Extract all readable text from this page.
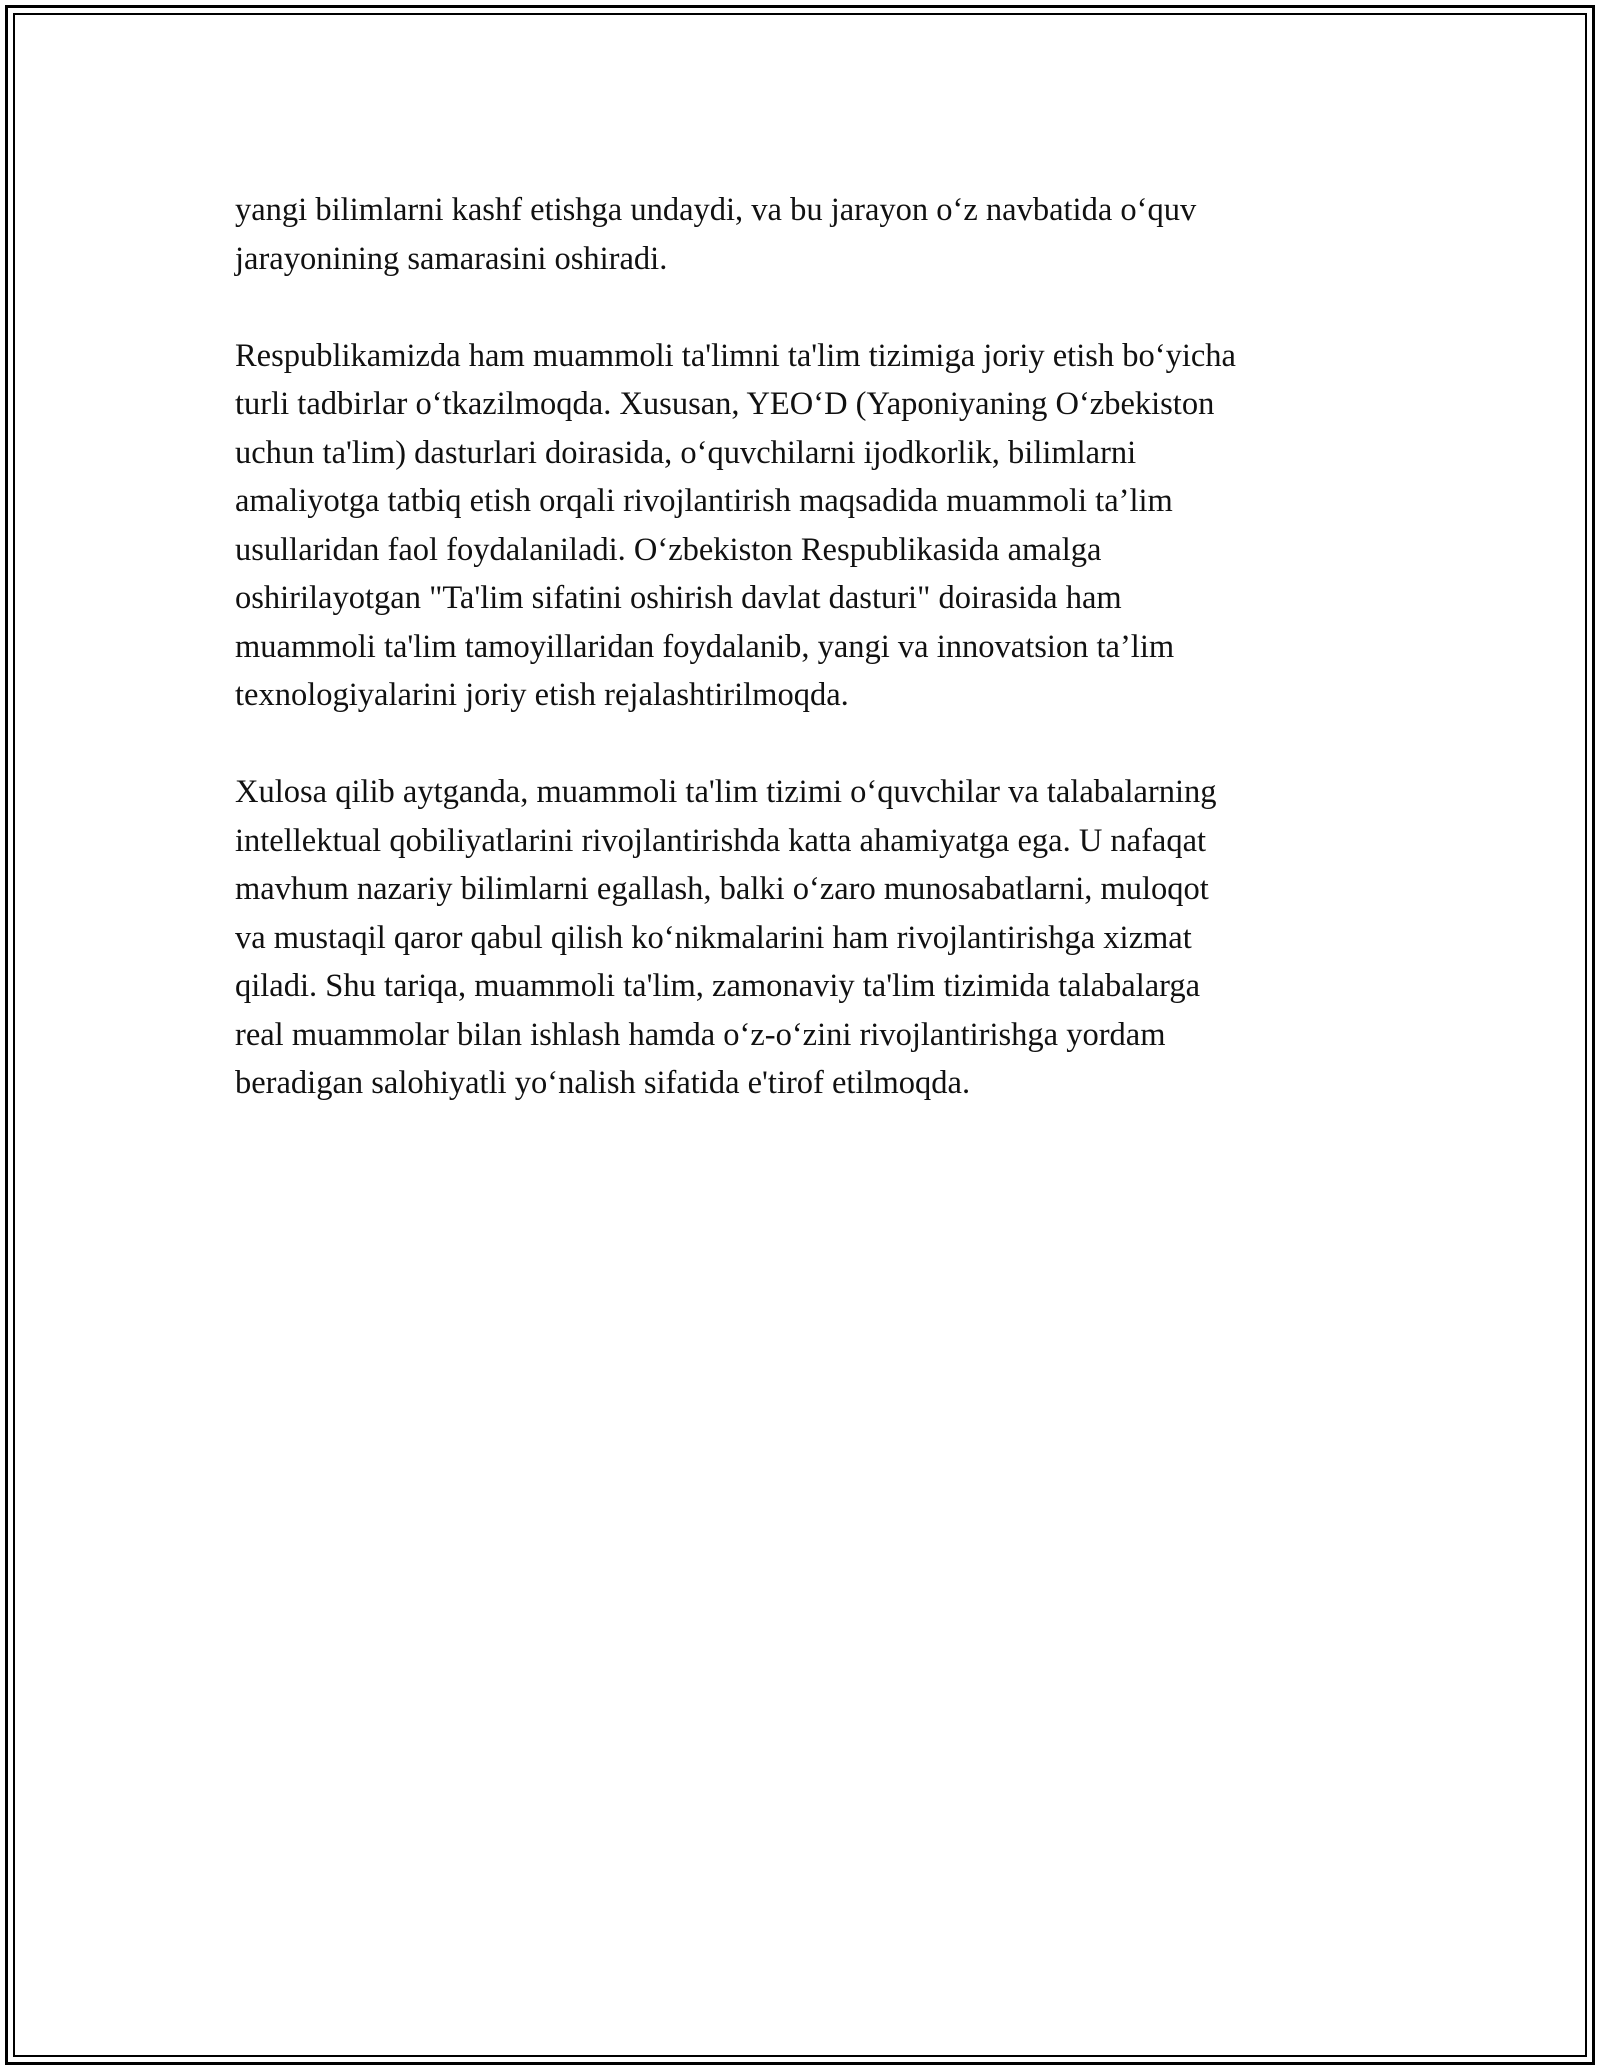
yangi bilimlarni kashf etishga undaydi, va bu jarayon o‘z navbatida o‘quv
jarayonining samarasini oshiradi.

Respublikamizda ham muammoli ta'limni ta'lim tizimiga joriy etish bo‘yicha
turli tadbirlar o‘tkazilmoqda. Xususan, YEO‘D (Yaponiyaning O‘zbekiston
uchun ta'lim) dasturlari doirasida, o‘quvchilarni ijodkorlik, bilimlarni
amaliyotga tatbiq etish orqali rivojlantirish maqsadida muammoli ta’lim
usullaridan faol foydalaniladi. O‘zbekiston Respublikasida amalga
oshirilayotgan "Ta'lim sifatini oshirish davlat dasturi" doirasida ham
muammoli ta'lim tamoyillaridan foydalanib, yangi va innovatsion ta’lim
texnologiyalarini joriy etish rejalashtirilmoqda.

Xulosa qilib aytganda, muammoli ta'lim tizimi o‘quvchilar va talabalarning
intellektual qobiliyatlarini rivojlantirishda katta ahamiyatga ega. U nafaqat
mavhum nazariy bilimlarni egallash, balki o‘zaro munosabatlarni, muloqot
va mustaqil qaror qabul qilish ko‘nikmalarini ham rivojlantirishga xizmat
qiladi. Shu tariqa, muammoli ta'lim, zamonaviy ta'lim tizimida talabalarga
real muammolar bilan ishlash hamda o‘z-o‘zini rivojlantirishga yordam
beradigan salohiyatli yo‘nalish sifatida e'tirof etilmoqda.
